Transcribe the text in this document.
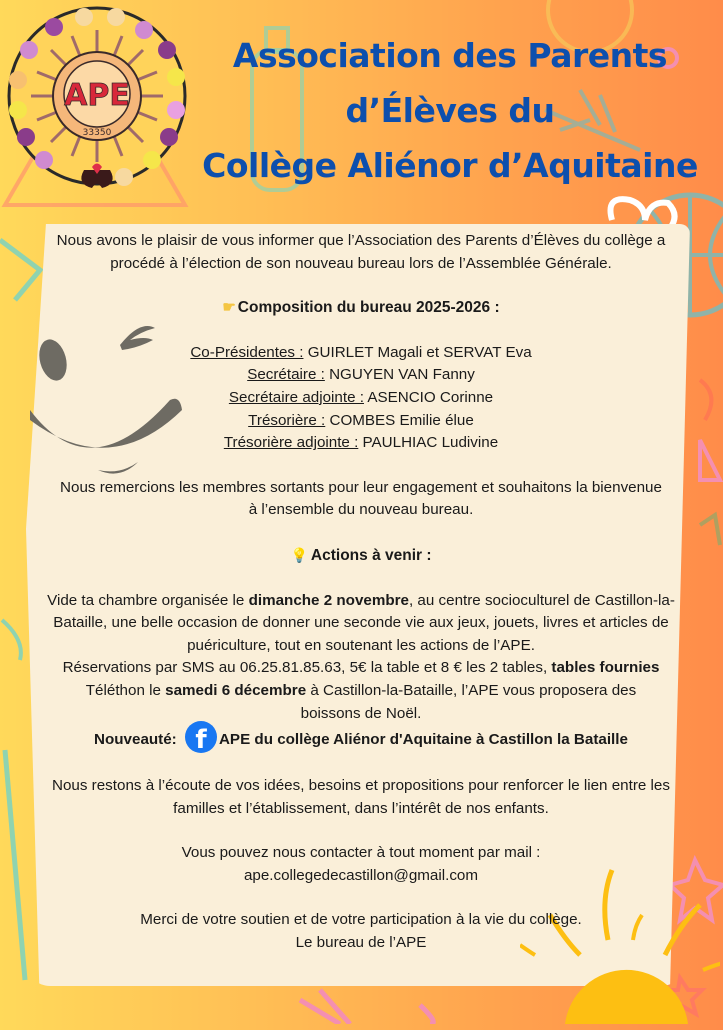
APE
33350
Association des Parents
d’Élèves du
Collège Aliénor d’Aquitaine

Nous avons le plaisir de vous informer que l’Association des Parents d’Élèves du collège a procédé à l’élection de son nouveau bureau lors de l’Assemblée Générale.

☛ Composition du bureau 2025-2026 :

Co-Présidentes : GUIRLET Magali et SERVAT Eva

Secrétaire : NGUYEN VAN Fanny

Secrétaire adjointe : ASENCIO Corinne

Trésorière : COMBES Emilie élue

Trésorière adjointe : PAULHIAC Ludivine

Nous remercions les membres sortants pour leur engagement et souhaitons la bienvenue à l’ensemble du nouveau bureau.

💡 Actions à venir :

Vide ta chambre organisée le dimanche 2 novembre, au centre socioculturel de Castillon-la-Bataille, une belle occasion de donner une seconde vie aux jeux, jouets, livres et articles de puériculture, tout en soutenant les actions de l’APE.

Réservations par SMS au 06.25.81.85.63, 5€ la table et 8 € les 2 tables, tables fournies

Téléthon le samedi 6 décembre à Castillon-la-Bataille, l’APE vous proposera des boissons de Noël.

Nouveauté: f APE du collège Aliénor d'Aquitaine à Castillon la Bataille

Nous restons à l’écoute de vos idées, besoins et propositions pour renforcer le lien entre les familles et l’établissement, dans l’intérêt de nos enfants.

Vous pouvez nous contacter à tout moment par mail :

ape.collegedecastillon@gmail.com

Merci de votre soutien et de votre participation à la vie du collège.

Le bureau de l’APE
